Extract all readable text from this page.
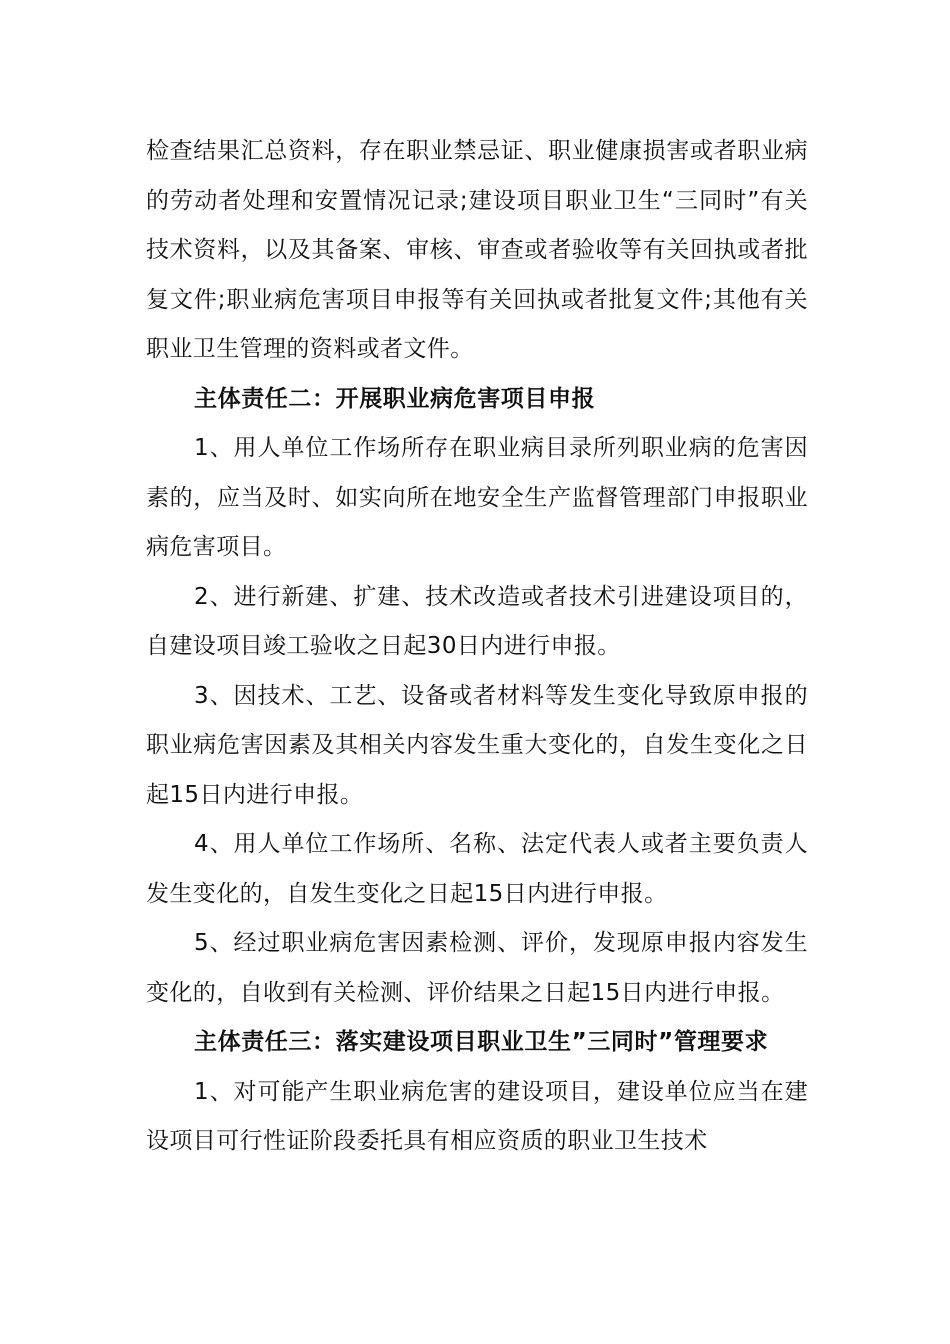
检查结果汇总资料，存在职业禁忌证、职业健康损害或者职业病的劳动者处理和安置情况记录;建设项目职业卫生“三同时”有关技术资料，以及其备案、审核、审查或者验收等有关回执或者批复文件;职业病危害项目申报等有关回执或者批复文件;其他有关职业卫生管理的资料或者文件。

主体责任二：开展职业病危害项目申报

1、用人单位工作场所存在职业病目录所列职业病的危害因素的，应当及时、如实向所在地安全生产监督管理部门申报职业病危害项目。

2、进行新建、扩建、技术改造或者技术引进建设项目的，自建设项目竣工验收之日起30日内进行申报。

3、因技术、工艺、设备或者材料等发生变化导致原申报的职业病危害因素及其相关内容发生重大变化的，自发生变化之日起15日内进行申报。

4、用人单位工作场所、名称、法定代表人或者主要负责人发生变化的，自发生变化之日起15日内进行申报。

5、经过职业病危害因素检测、评价，发现原申报内容发生变化的，自收到有关检测、评价结果之日起15日内进行申报。

主体责任三：落实建设项目职业卫生”三同时”管理要求

1、对可能产生职业病危害的建设项目，建设单位应当在建设项目可行性证阶段委托具有相应资质的职业卫生技术
